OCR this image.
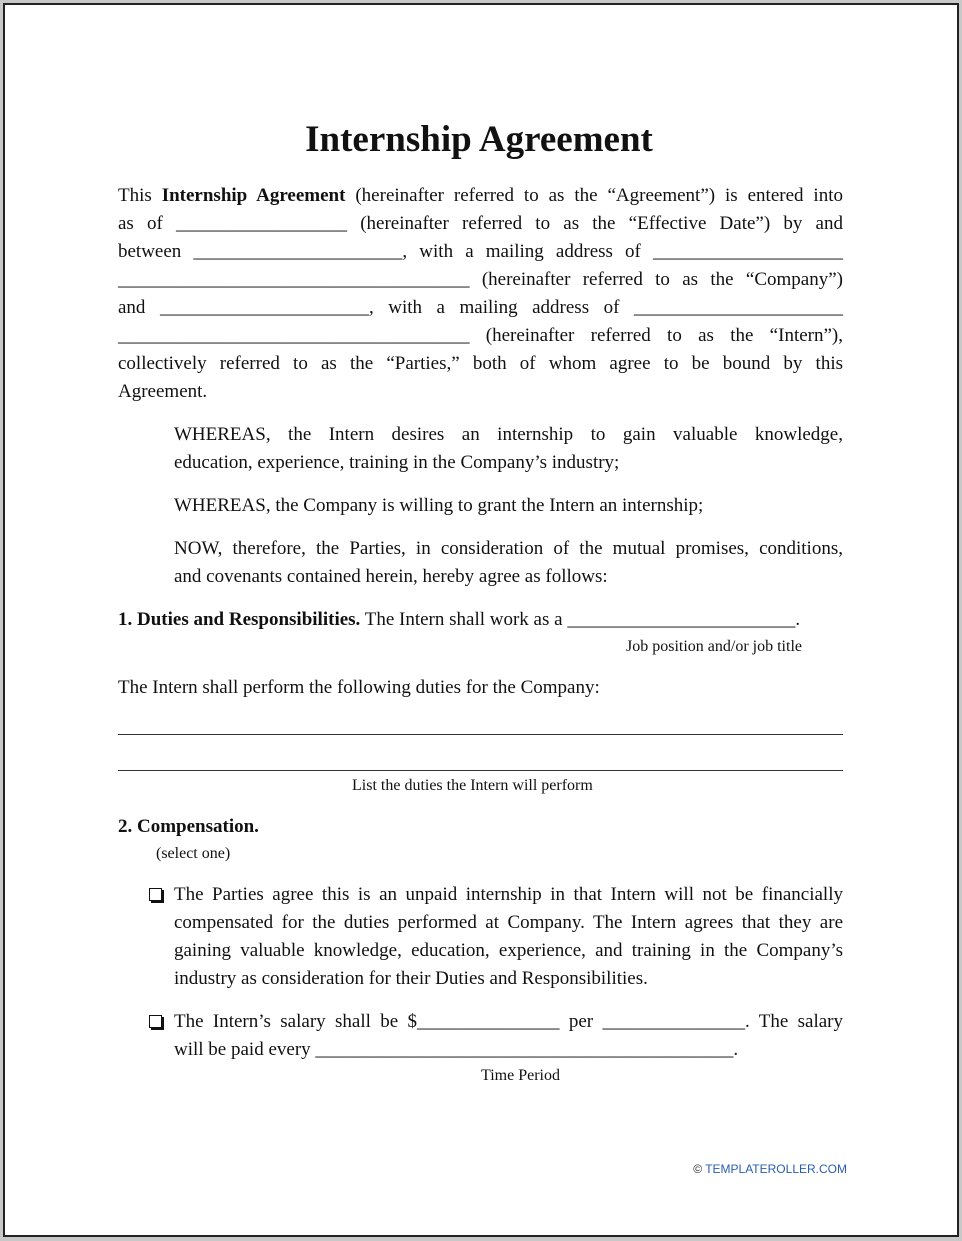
Internship Agreement
This Internship Agreement (hereinafter referred to as the “Agreement”) is entered into
as of __________________ (hereinafter referred to as the “Effective Date”) by and
between ______________________, with a mailing address of ____________________
_____________________________________ (hereinafter referred to as the “Company”)
and ______________________, with a mailing address of ______________________
_____________________________________ (hereinafter referred to as the “Intern”),
collectively referred to as the “Parties,” both of whom agree to be bound by this
Agreement.
WHEREAS, the Intern desires an internship to gain valuable knowledge,
education, experience, training in the Company’s industry;
WHEREAS, the Company is willing to grant the Intern an internship;
NOW, therefore, the Parties, in consideration of the mutual promises, conditions,
and covenants contained herein, hereby agree as follows:
1. Duties and Responsibilities. The Intern shall work as a ________________________.
Job position and/or job title
The Intern shall perform the following duties for the Company:
List the duties the Intern will perform
2. Compensation.
(select one)
The Parties agree this is an unpaid internship in that Intern will not be financially
compensated for the duties performed at Company. The Intern agrees that they are
gaining valuable knowledge, education, experience, and training in the Company’s
industry as consideration for their Duties and Responsibilities.
The Intern’s salary shall be $_______________ per _______________. The salary
will be paid every ____________________________________________.
Time Period
© TEMPLATEROLLER.COM
